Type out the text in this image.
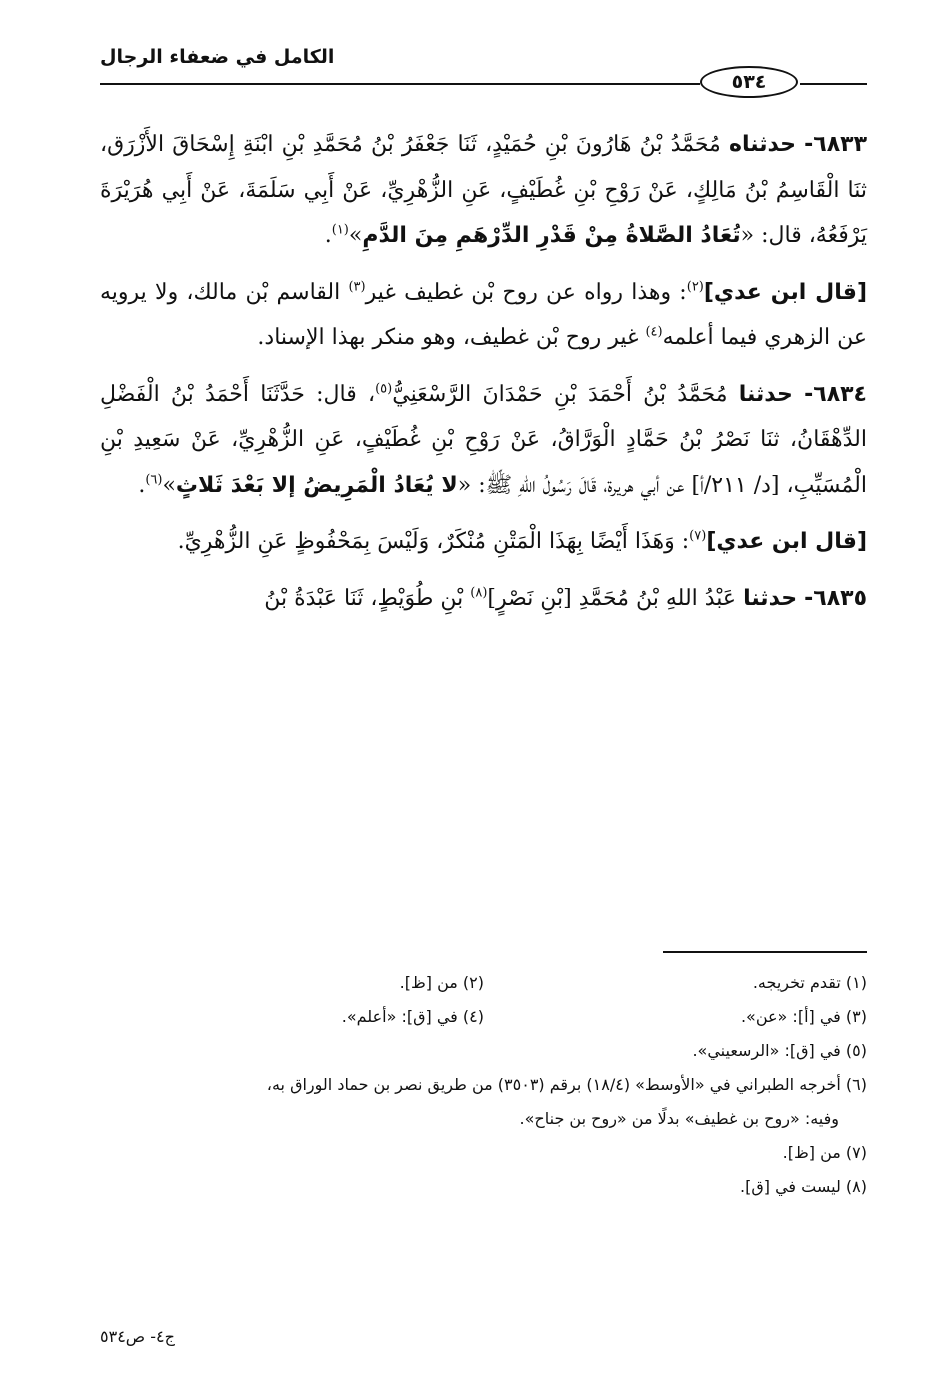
الكامل في ضعفاء الرجال
٥٣٤

٦٨٣٣- حدثناه مُحَمَّدُ بْنُ هَارُونَ بْنِ حُمَيْدٍ، ثَنَا جَعْفَرُ بْنُ مُحَمَّدِ بْنِ ابْنَةِ إِسْحَاقَ الأَزْرَق، ثنَا الْقَاسِمُ بْنُ مَالِكٍ، عَنْ رَوْحِ بْنِ غُطَيْفٍ، عَنِ الزُّهْرِيِّ، عَنْ أَبِي سَلَمَةَ، عَنْ أَبِي هُرَيْرَةَ يَرْفَعُهُ، قال: «تُعَادُ الصَّلاةُ مِنْ قَدْرِ الدِّرْهَمِ مِنَ الدَّمِ»$^{(١)}$.

[قال ابن عدي]$^{(٢)}$: وهذا رواه عن روح بْن غطيف غير$^{(٣)}$ القاسم بْن مالك، ولا يرويه عن الزهري فيما أعلمه$^{(٤)}$ غير روح بْن غطيف، وهو منكر بهذا الإسناد.

٦٨٣٤- حدثنا مُحَمَّدُ بْنُ أَحْمَدَ بْنِ حَمْدَانَ الرَّسْعَنِيُّ$^{(٥)}$، قال: حَدَّثَنَا أَحْمَدُ بْنُ الْفَضْلِ الدِّهْقَانُ، ثنَا نَصْرُ بْنُ حَمَّادٍ الْوَرَّاقُ، عَنْ رَوْحِ بْنِ غُطَيْفٍ، عَنِ الزُّهْرِيِّ، عَنْ سَعِيدِ بْنِ الْمُسَيِّبِ، [د/ ٢١١/أ] عن أبي هريرة، قَالَ رَسُولُ اللهِ ﷺ: «لا يُعَادُ الْمَرِيضُ إلا بَعْدَ ثَلاثٍ»$^{(٦)}$.

[قال ابن عدي]$^{(٧)}$: وَهَذَا أَيْضًا بِهَذَا الْمَتْنِ مُنْكَرٌ، وَلَيْسَ بِمَحْفُوظٍ عَنِ الزُّهْرِيِّ.

٦٨٣٥- حدثنا عَبْدُ اللهِ بْنُ مُحَمَّدِ [بْنِ نَصْرٍ]$^{(٨)}$ بْنِ طُوَيْطٍ، ثَنَا عَبْدَةُ بْنُ

(١) تقدم تخريجه.
(٢) من [ظ].
(٣) في [أ]: «عن».
(٤) في [ق]: «أعلم».
(٥) في [ق]: «الرسعيني».
(٦) أخرجه الطبراني في «الأوسط» (١٨/٤) برقم (٣٥٠٣) من طريق نصر بن حماد الوراق به،
وفيه: «روح بن غطيف» بدلًا من «روح بن جناح».
(٧) من [ظ].
(٨) ليست في [ق].
ج٤- ص٥٣٤
